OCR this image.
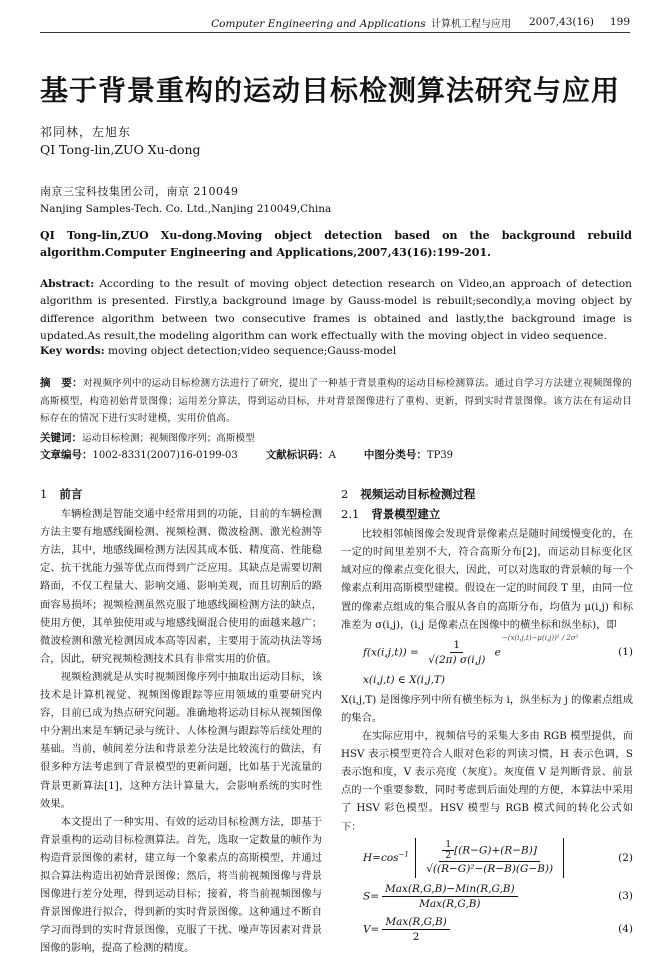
Computer Engineering and Applications 计算机工程与应用 2007,43(16) 199
基于背景重构的运动目标检测算法研究与应用
祁同林，左旭东
QI Tong-lin,ZUO Xu-dong
南京三宝科技集团公司，南京 210049
Nanjing Samples-Tech. Co. Ltd.,Nanjing 210049,China
QI Tong-lin,ZUO Xu-dong.Moving object detection based on the background rebuild algorithm.Computer Engineering and Applications,2007,43(16):199-201.
Abstract: According to the result of moving object detection research on Video,an approach of detection algorithm is presented. Firstly,a background image by Gauss-model is rebuilt;secondly,a moving object by difference algorithm between two consecutive frames is obtained and lastly,the background image is updated.As result,the modeling algorithm can work effectually with the moving object in video sequence.
Key words: moving object detection;video sequence;Gauss-model
摘　要：对视频序列中的运动目标检测方法进行了研究，提出了一种基于背景重构的运动目标检测算法。通过自学习方法建立视频图像的高斯模型，构造初始背景图像；运用差分算法，得到运动目标，并对背景图像进行了重构、更新，得到实时背景图像。该方法在有运动目标存在的情况下进行实时建模，实用价值高。
关键词：运动目标检测；视频图像序列；高斯模型
文章编号：1002-8331(2007)16-0199-03	文献标识码：A	中图分类号：TP39
1 前言

车辆检测是智能交通中经常用到的功能，目前的车辆检测方法主要有地感线圈检测、视频检测、微波检测、激光检测等方法，其中，地感线圈检测方法因其成本低、精度高、性能稳定、抗干扰能力强等优点而得到广泛应用。其缺点是需要切割路面，不仅工程量大、影响交通、影响美观，而且切割后的路面容易损坏；视频检测虽然克服了地感线圈检测方法的缺点，使用方便，其单独使用或与地感线圈混合使用的面越来越广；微波检测和激光检测因成本高等因素，主要用于流动执法等场合，因此，研究视频检测技术具有非常实用的价值。

视频检测就是从实时视频图像序列中抽取出运动目标，该技术是计算机视觉、视频图像跟踪等应用领域的重要研究内容，目前已成为热点研究问题。准确地将运动目标从视频图像中分割出来是车辆记录与统计、人体检测与跟踪等后续处理的基础。当前，帧间差分法和背景差分法是比较流行的做法，有很多种方法考虑到了背景模型的更新问题，比如基于光流量的背景更新算法[1]，这种方法计算量大，会影响系统的实时性效果。

本文提出了一种实用、有效的运动目标检测方法，即基于背景重构的运动目标检测算法。首先，选取一定数量的帧作为构造背景图像的素材，建立每一个象素点的高斯模型，并通过拟合算法构造出初始背景图像；然后，将当前视频图像与背景图像进行差分处理，得到运动目标；接着，将当前视频图像与背景图像进行拟合，得到新的实时背景图像。这种通过不断自学习而得到的实时背景图像，克服了干扰、噪声等因素对背景图像的影响，提高了检测的精度。

2 视频运动目标检测过程
2.1 背景模型建立

比较相邻帧图像会发现背景像素点是随时间缓慢变化的，在一定的时间里差别不大，符合高斯分布[2]，而运动目标变化区域对应的像素点变化很大，因此，可以对选取的背景帧的每一个像素点利用高斯模型建模。假设在一定的时间段 T 里，由同一位置的像素点组成的集合服从各自的高斯分布，均值为 μ(i,j) 和标准差为 σ(i,j)，(i,j 是像素点在图像中的横坐标和纵坐标)，即

$f(x(i,j,t)) = \frac{1}{√(2\pi) \sigma(i,j)} e^{-(x(i,j,t)-\mu(i,j))^2 / 2\sigma^2}$
(1)
x(i,j,t) ∈ X(i,j,T)

X(i,j,T) 是图像序列中所有横坐标为 i，纵坐标为 j 的像素点组成的集合。

在实际应用中，视频信号的采集大多由 RGB 模型提供，而 HSV 表示模型更符合人眼对色彩的判读习惯，H 表示色调，S 表示饱和度，V 表示亮度（灰度）。灰度值 V 是判断背景、前景点的一个重要参数，同时考虑到后面处理的方便，本算法中采用了 HSV 彩色模型。HSV 模型与 RGB 模式间的转化公式如下：

$H=\cos^{-1} \frac{\frac{1}{2} [(R-G)+(R-B)]}{\text{√((R−G)²−(R−B)(G−B))}}$	(2)
$S= \frac{\text{Max(R,G,B)−Min(R,G,B)}}{\text{Max(R,G,B)}}$	(3)
$V= \frac{\text{Max(R,G,B)}}{2}$	(4)
